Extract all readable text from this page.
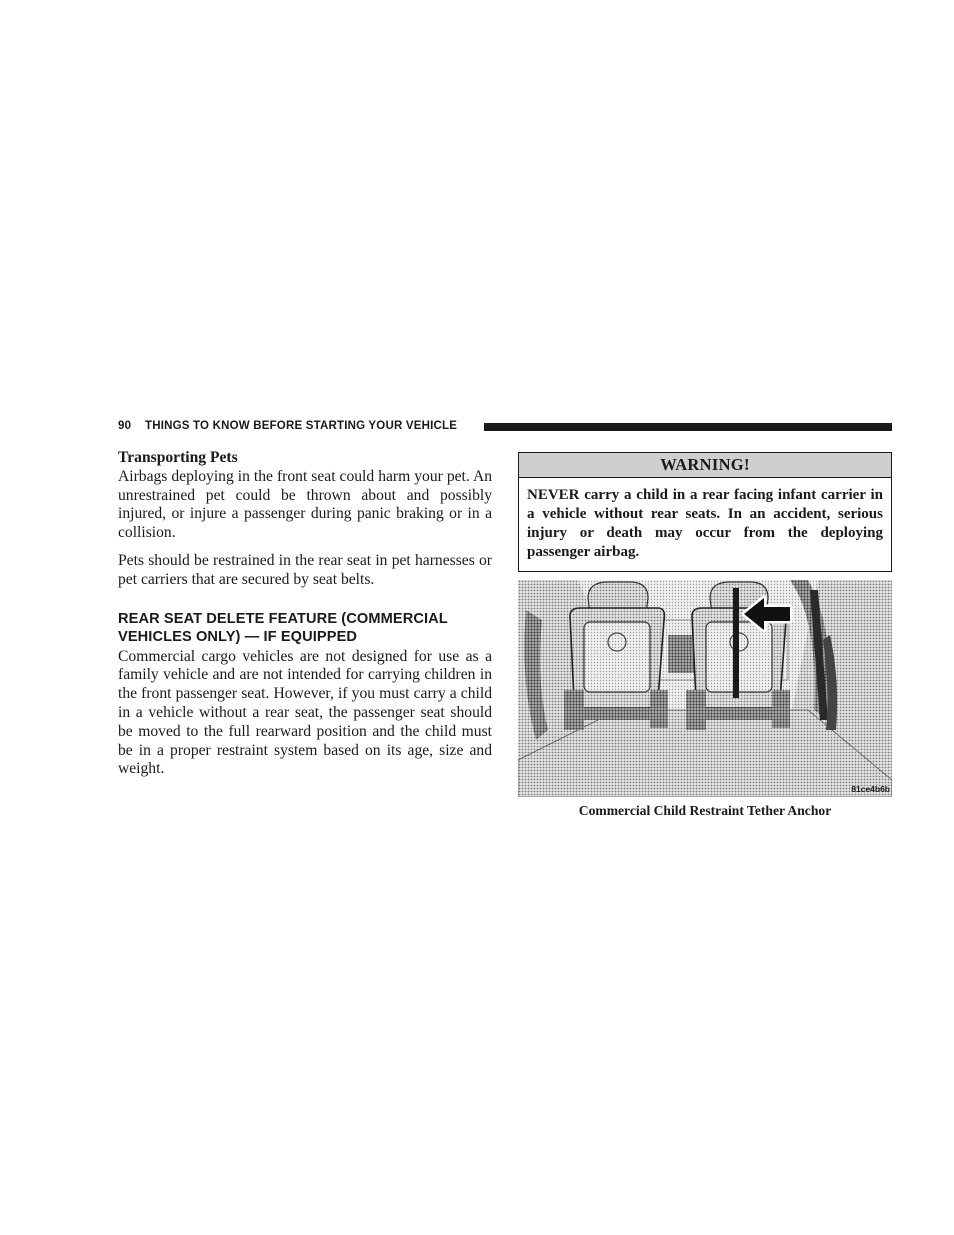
90 THINGS TO KNOW BEFORE STARTING YOUR VEHICLE

Transporting Pets

Airbags deploying in the front seat could harm your pet. An unrestrained pet could be thrown about and possibly injured, or injure a passenger during panic braking or in a collision.

Pets should be restrained in the rear seat in pet harnesses or pet carriers that are secured by seat belts.

REAR SEAT DELETE FEATURE (COMMERCIAL VEHICLES ONLY) — IF EQUIPPED

Commercial cargo vehicles are not designed for use as a family vehicle and are not intended for carrying children in the front passenger seat. However, if you must carry a child in a vehicle without a rear seat, the passenger seat should be moved to the full rearward position and the child must be in a proper restraint system based on its age, size and weight.

WARNING!
NEVER carry a child in a rear facing infant carrier in a vehicle without rear seats. In an accident, serious injury or death may occur from the deploying passenger airbag.
81ce4b6b
Commercial Child Restraint Tether Anchor
